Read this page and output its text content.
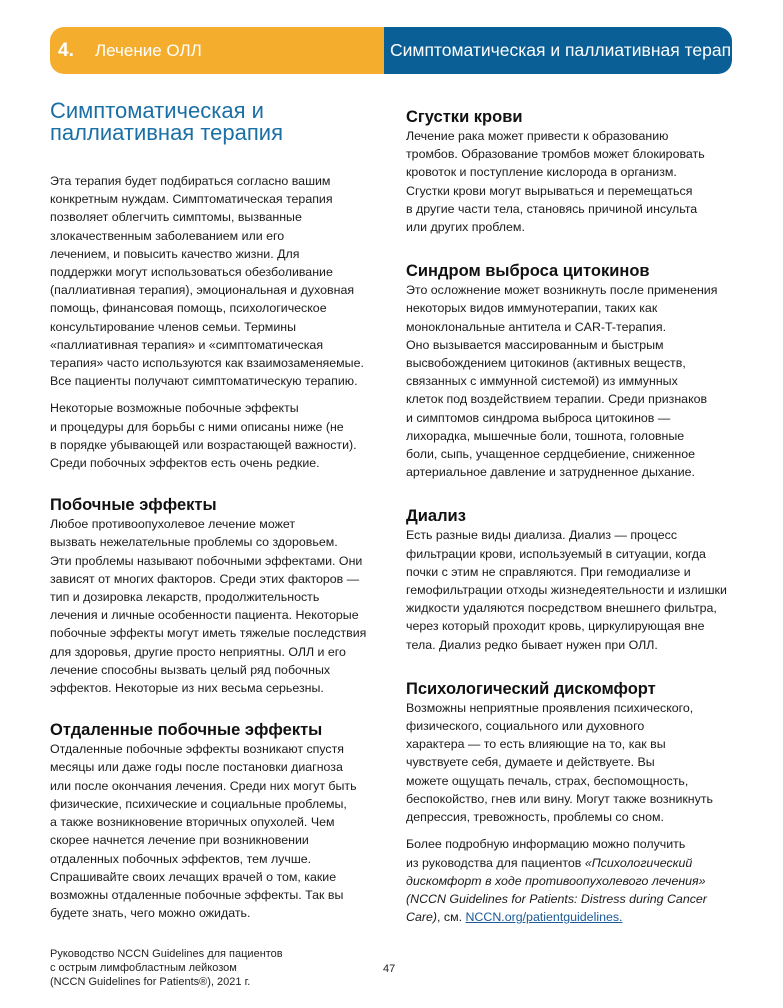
4. Лечение ОЛЛ	Симптоматическая и паллиативная терапия
Симптоматическая и
паллиативная терапия

Эта терапия будет подбираться согласно вашим
конкретным нуждам. Симптоматическая терапия
позволяет облегчить симптомы, вызванные
злокачественным заболеванием или его
лечением, и повысить качество жизни. Для
поддержки могут использоваться обезболивание
(паллиативная терапия), эмоциональная и духовная
помощь, финансовая помощь, психологическое
консультирование членов семьи. Термины
«паллиативная терапия» и «симптоматическая
терапия» часто используются как взаимозаменяемые.
Все пациенты получают симптоматическую терапию.

Некоторые возможные побочные эффекты
и процедуры для борьбы с ними описаны ниже (не
в порядке убывающей или возрастающей важности).
Среди побочных эффектов есть очень редкие.

Побочные эффекты

Любое противоопухолевое лечение может
вызвать нежелательные проблемы со здоровьем.
Эти проблемы называют побочными эффектами. Они
зависят от многих факторов. Среди этих факторов —
тип и дозировка лекарств, продолжительность
лечения и личные особенности пациента. Некоторые
побочные эффекты могут иметь тяжелые последствия
для здоровья, другие просто неприятны. ОЛЛ и его
лечение способны вызвать целый ряд побочных
эффектов. Некоторые из них весьма серьезны.

Отдаленные побочные эффекты

Отдаленные побочные эффекты возникают спустя
месяцы или даже годы после постановки диагноза
или после окончания лечения. Среди них могут быть
физические, психические и социальные проблемы,
а также возникновение вторичных опухолей. Чем
скорее начнется лечение при возникновении
отдаленных побочных эффектов, тем лучше.
Спрашивайте своих лечащих врачей о том, какие
возможны отдаленные побочные эффекты. Так вы
будете знать, чего можно ожидать.

Сгустки крови

Лечение рака может привести к образованию
тромбов. Образование тромбов может блокировать
кровоток и поступление кислорода в организм.
Сгустки крови могут вырываться и перемещаться
в другие части тела, становясь причиной инсульта
или других проблем.

Синдром выброса цитокинов

Это осложнение может возникнуть после применения
некоторых видов иммунотерапии, таких как
моноклональные антитела и CAR-T-терапия.
Оно вызывается массированным и быстрым
высвобождением цитокинов (активных веществ,
связанных с иммунной системой) из иммунных
клеток под воздействием терапии. Среди признаков
и симптомов синдрома выброса цитокинов —
лихорадка, мышечные боли, тошнота, головные
боли, сыпь, учащенное сердцебиение, сниженное
артериальное давление и затрудненное дыхание.

Диализ

Есть разные виды диализа. Диализ — процесс
фильтрации крови, используемый в ситуации, когда
почки с этим не справляются. При гемодиализе и
гемофильтрации отходы жизнедеятельности и излишки
жидкости удаляются посредством внешнего фильтра,
через который проходит кровь, циркулирующая вне
тела. Диализ редко бывает нужен при ОЛЛ.

Психологический дискомфорт

Возможны неприятные проявления психического,
физического, социального или духовного
характера — то есть влияющие на то, как вы
чувствуете себя, думаете и действуете. Вы
можете ощущать печаль, страх, беспомощность,
беспокойство, гнев или вину. Могут также возникнуть
депрессия, тревожность, проблемы со сном.

Более подробную информацию можно получить
из руководства для пациентов «Психологический
дискомфорт в ходе противоопухолевого лечения»
(NCCN Guidelines for Patients: Distress during Cancer
Care), см. NCCN.org/patientguidelines.

Руководство NCCN Guidelines для пациентов
с острым лимфобластным лейкозом
(NCCN Guidelines for Patients®), 2021 г.
47
